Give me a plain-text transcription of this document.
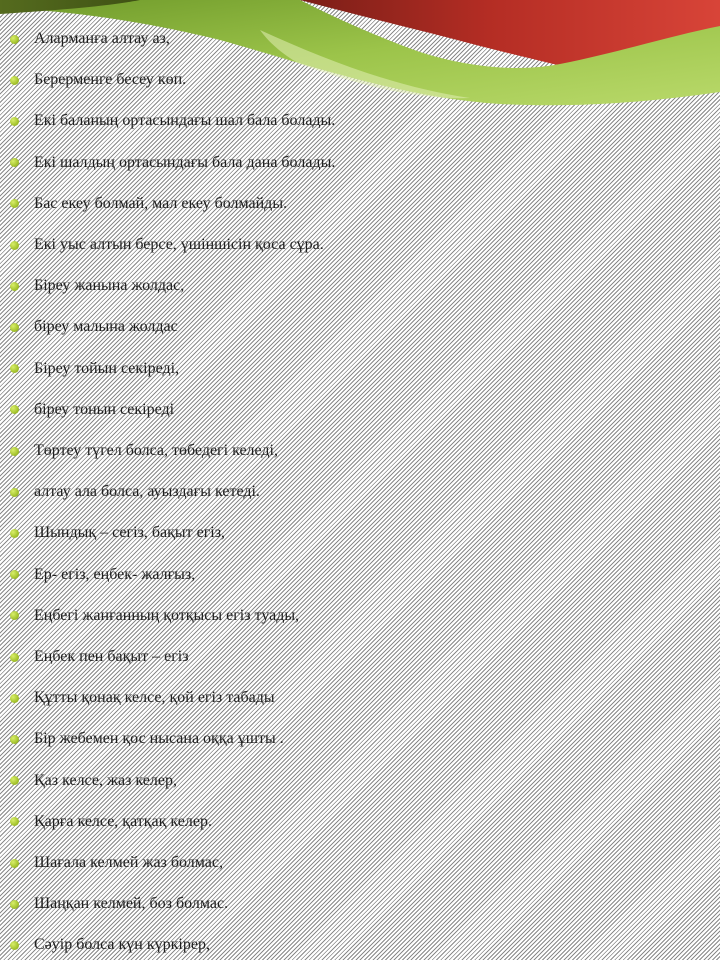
Аларманға алтау аз,
Берерменге бесеу көп.
Екі баланың ортасындағы шал бала болады.
Екі шалдың ортасындағы бала дана болады.
Бас екеу болмай, мал екеу болмайды.
Екі уыс алтын берсе, үшіншісін қоса сұра.
Біреу жанына жолдас,
біреу малына жолдас
Біреу тойын секіреді,
біреу тонын секіреді
Төртеу түгел болса, төбедегі келеді,
алтау ала болса, ауыздағы кетеді.
Шындық – сегіз, бақыт егіз,
Ер- егіз, еңбек- жалғыз,
Еңбегі жанғанның қотқысы егіз туады,
Еңбек пен бақыт – егіз
Құтты қонақ келсе, қой егіз табады
Бір жебемен қос нысана оққа ұшты .
Қаз келсе, жаз келер,
Қарға келсе, қатқақ келер.
Шағала келмей жаз болмас,
Шаңқан келмей, боз болмас.
Сәуір болса күн күркірер,
